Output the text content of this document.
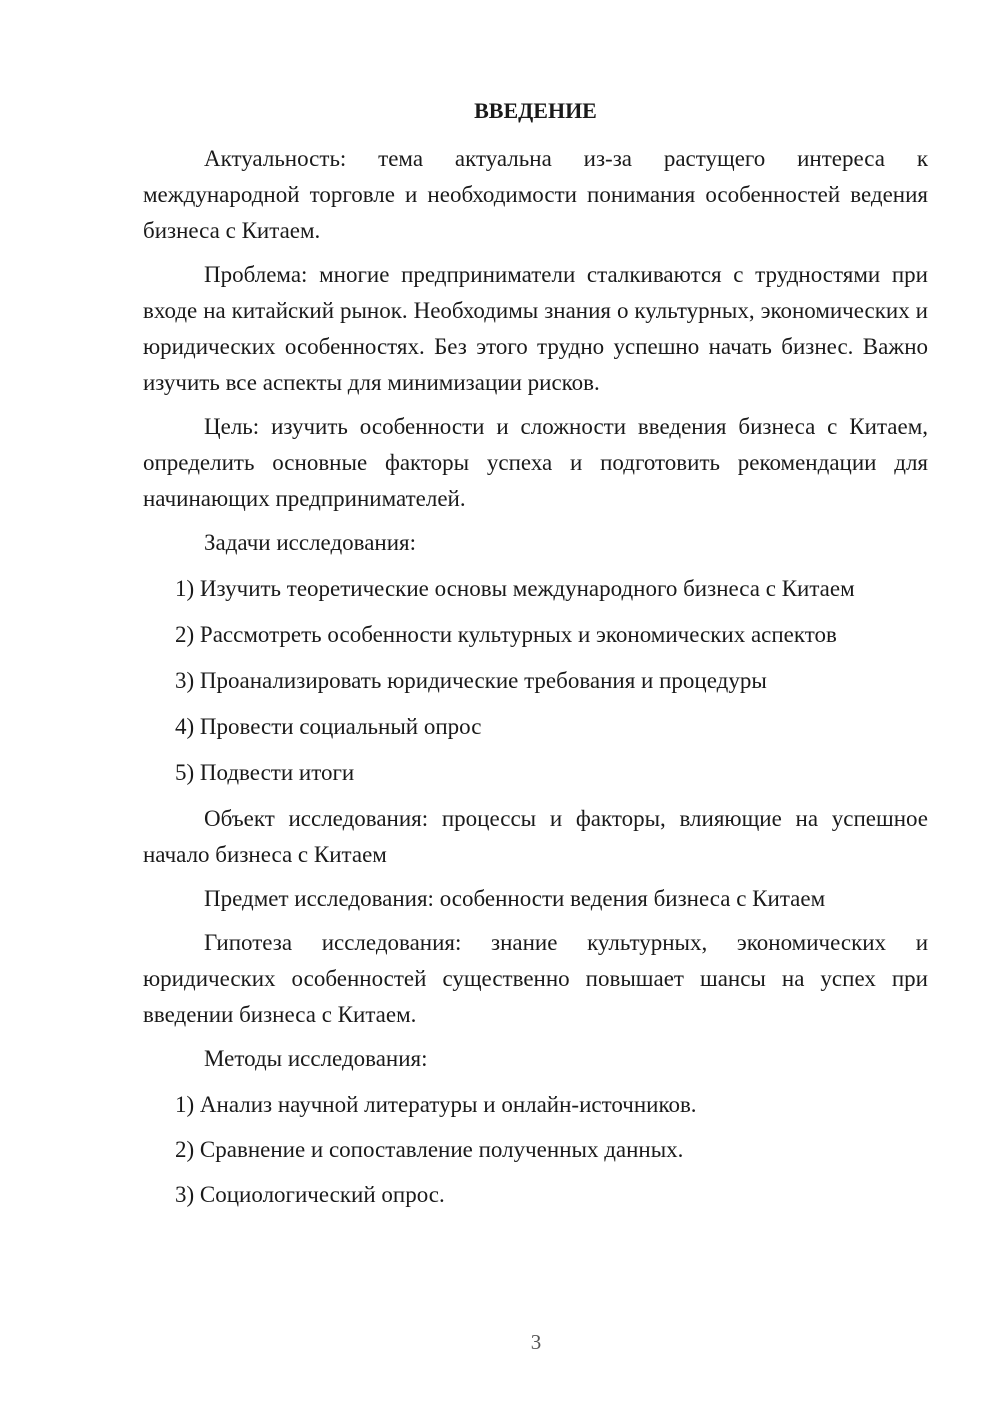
ВВЕДЕНИЕ

Актуальность: тема актуальна из-за растущего интереса к международной торговле и необходимости понимания особенностей ведения бизнеса с Китаем.

Проблема: многие предприниматели сталкиваются с трудностями при входе на китайский рынок. Необходимы знания о культурных, экономических и юридических особенностях. Без этого трудно успешно начать бизнес. Важно изучить все аспекты для минимизации рисков.

Цель: изучить особенности и сложности введения бизнеса с Китаем, определить основные факторы успеха и подготовить рекомендации для начинающих предпринимателей.

Задачи исследования:

1) Изучить теоретические основы международного бизнеса с Китаем
2) Рассмотреть особенности культурных и экономических аспектов
3) Проанализировать юридические требования и процедуры
4) Провести социальный опрос
5) Подвести итоги

Объект исследования: процессы и факторы, влияющие на успешное начало бизнеса с Китаем

Предмет исследования: особенности ведения бизнеса с Китаем

Гипотеза исследования: знание культурных, экономических и юридических особенностей существенно повышает шансы на успех при введении бизнеса с Китаем.

Методы исследования:

1) Анализ научной литературы и онлайн-источников.
2) Сравнение и сопоставление полученных данных.
3) Социологический опрос.
3
